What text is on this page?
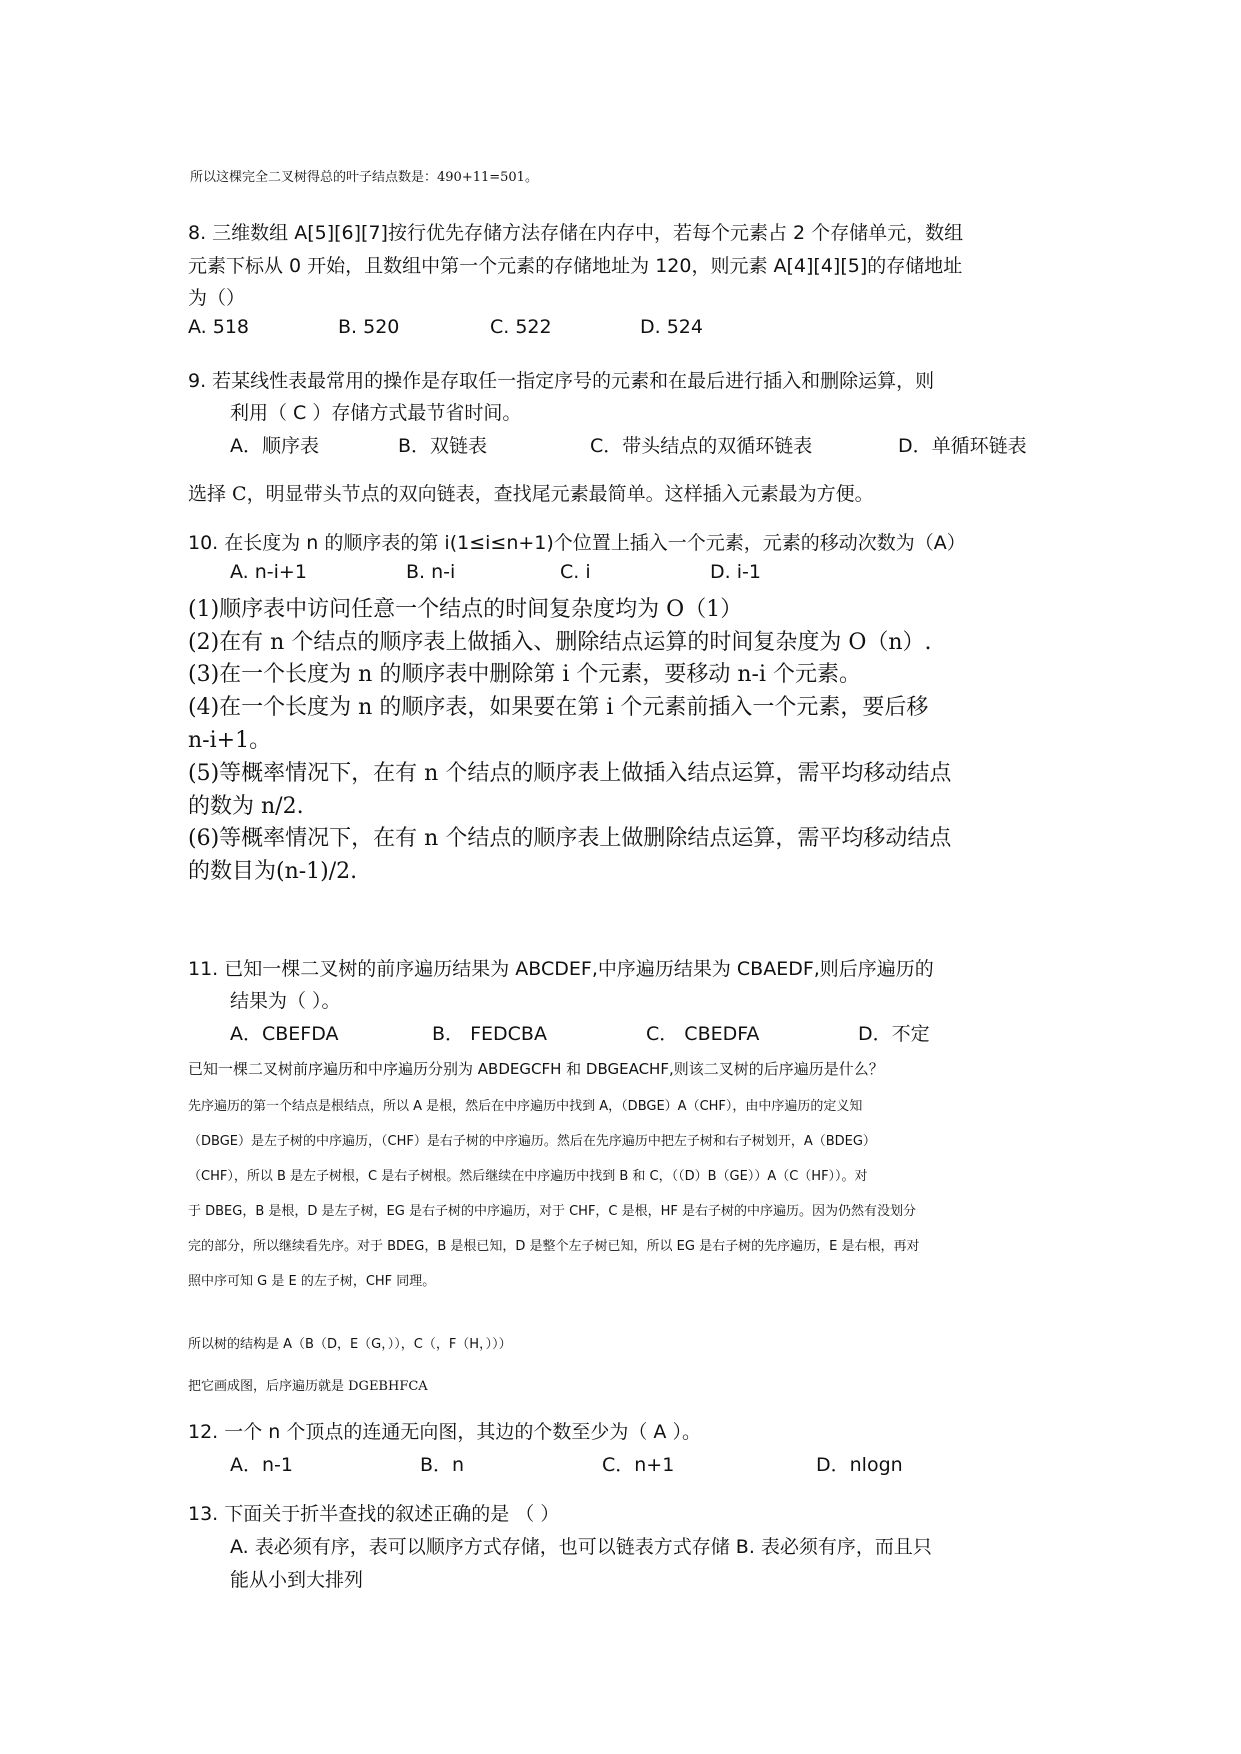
所以这棵完全二叉树得总的叶子结点数是：490+11=501。
8. 三维数组 A[5][6][7]按行优先存储方法存储在内存中，若每个元素占 2 个存储单元，数组
元素下标从 0 开始，且数组中第一个元素的存储地址为 120，则元素 A[4][4][5]的存储地址
为（）
A. 518	B. 520	C. 522	D. 524
9. 若某线性表最常用的操作是存取任一指定序号的元素和在最后进行插入和删除运算，则
利用（ C ）存储方式最节省时间。
A．顺序表	B．双链表	C．带头结点的双循环链表	D．单循环链表
选择 C，明显带头节点的双向链表，查找尾元素最简单。这样插入元素最为方便。
10. 在长度为 n 的顺序表的第 i(1≤i≤n+1)个位置上插入一个元素，元素的移动次数为（A）
A. n-i+1	B. n-i	C. i	D. i-1
(1)顺序表中访问任意一个结点的时间复杂度均为 O（1）
(2)在有 n 个结点的顺序表上做插入、删除结点运算的时间复杂度为 O（n）.
(3)在一个长度为 n 的顺序表中删除第 i 个元素，要移动 n-i 个元素。
(4)在一个长度为 n 的顺序表，如果要在第 i 个元素前插入一个元素，要后移
n-i+1。
(5)等概率情况下，在有 n 个结点的顺序表上做插入结点运算，需平均移动结点
的数为 n/2.
(6)等概率情况下，在有 n 个结点的顺序表上做删除结点运算，需平均移动结点
的数目为(n-1)/2.
11. 已知一棵二叉树的前序遍历结果为 ABCDEF,中序遍历结果为 CBAEDF,则后序遍历的
结果为（ ）。
A．CBEFDA	B． FEDCBA	C． CBEDFA	D．不定
已知一棵二叉树前序遍历和中序遍历分别为 ABDEGCFH 和 DBGEACHF,则该二叉树的后序遍历是什么？
先序遍历的第一个结点是根结点，所以 A 是根，然后在中序遍历中找到 A，（DBGE）A（CHF），由中序遍历的定义知
（DBGE）是左子树的中序遍历，（CHF）是右子树的中序遍历。然后在先序遍历中把左子树和右子树划开，A（BDEG）
（CHF），所以 B 是左子树根，C 是右子树根。然后继续在中序遍历中找到 B 和 C，（（D）B（GE））A（C（HF））。对
于 DBEG，B 是根，D 是左子树，EG 是右子树的中序遍历，对于 CHF，C 是根，HF 是右子树的中序遍历。因为仍然有没划分
完的部分，所以继续看先序。对于 BDEG，B 是根已知，D 是整个左子树已知，所以 EG 是右子树的先序遍历，E 是右根，再对
照中序可知 G 是 E 的左子树，CHF 同理。
所以树的结构是 A（B（D，E（G，）），C（，F（H，）））
把它画成图，后序遍历就是 DGEBHFCA
12. 一个 n 个顶点的连通无向图，其边的个数至少为（ A ）。
A．n-1	B．n	C．n+1	D．nlogn
13. 下面关于折半查找的叙述正确的是 （ ）
A. 表必须有序，表可以顺序方式存储，也可以链表方式存储 B. 表必须有序，而且只
能从小到大排列
